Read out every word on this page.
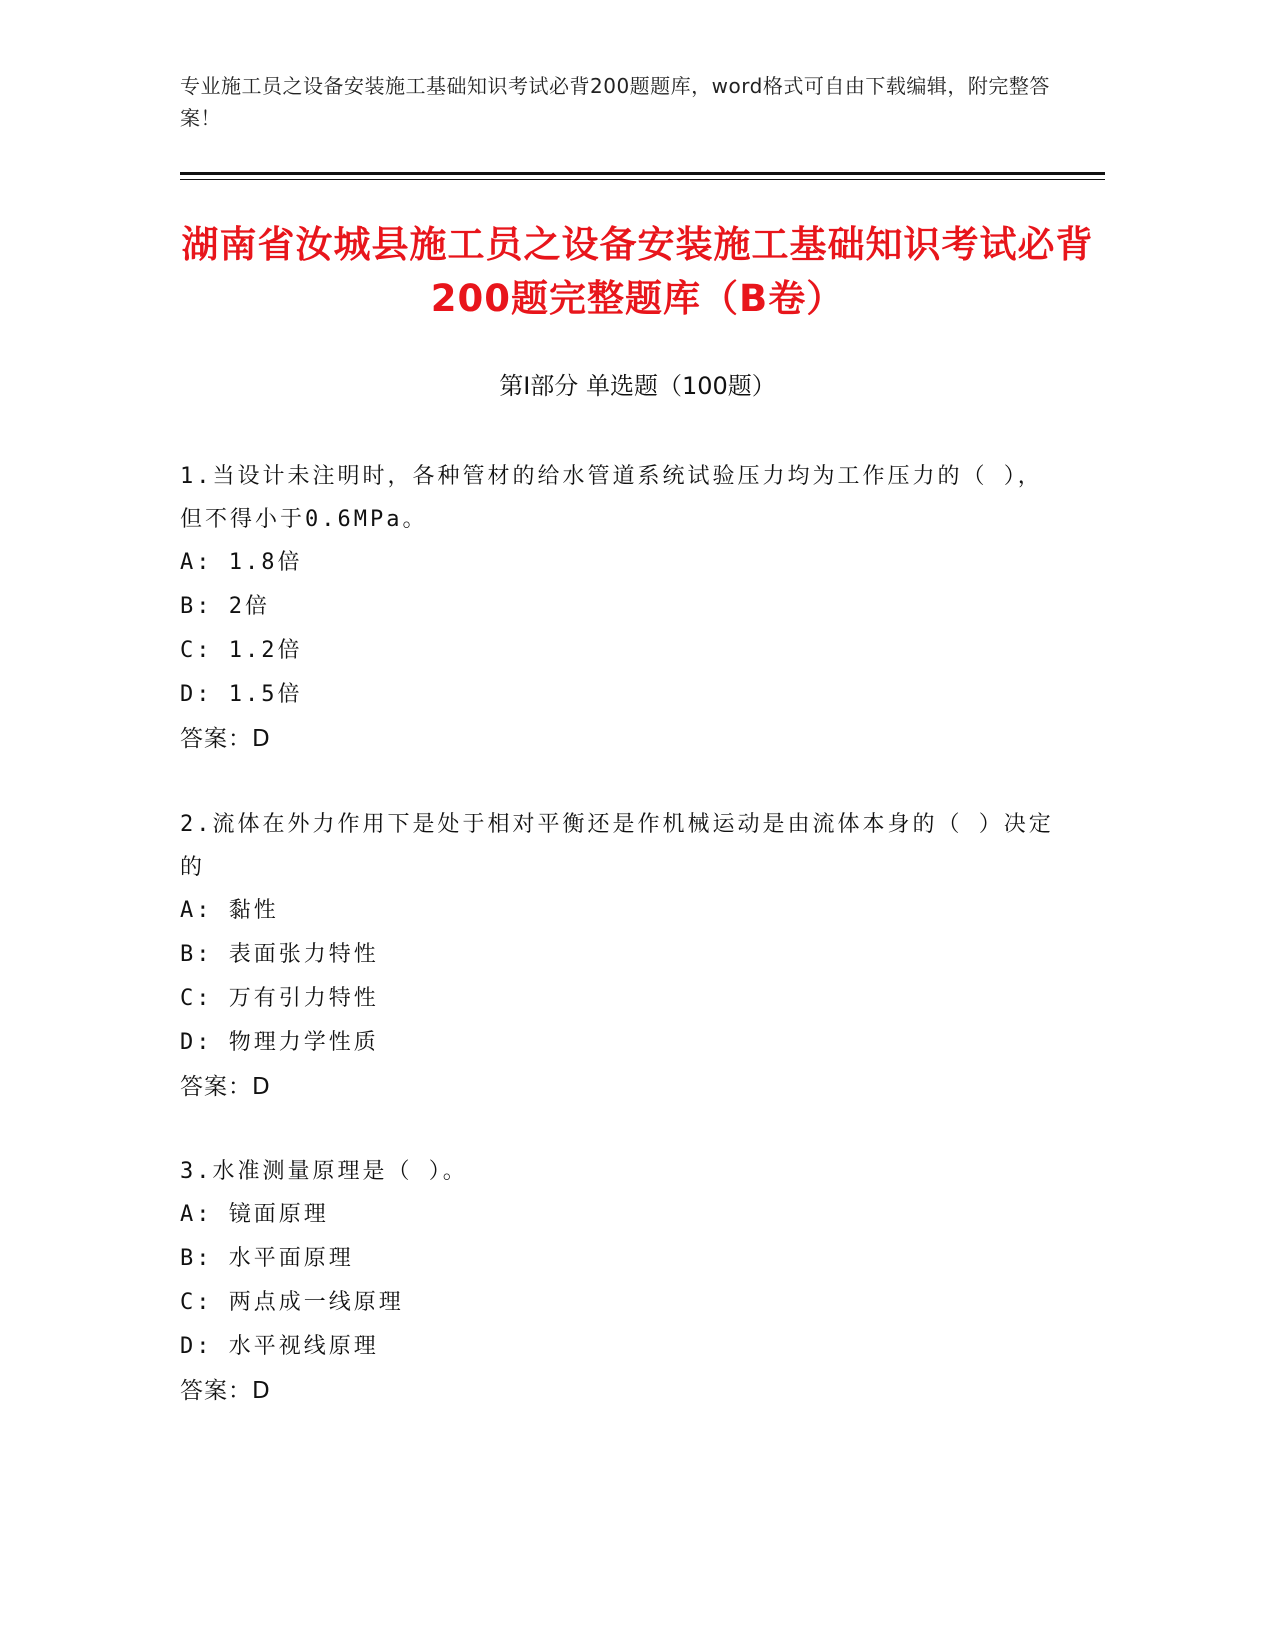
专业施工员之设备安装施工基础知识考试必背200题题库，word格式可自由下载编辑，附完整答案！
湖南省汝城县施工员之设备安装施工基础知识考试必背200题完整题库（B卷）
第Ⅰ部分 单选题（100题）
1.当设计未注明时，各种管材的给水管道系统试验压力均为工作压力的（ ），但不得小于0.6MPa。
A: 1.8倍
B: 2倍
C: 1.2倍
D: 1.5倍
答案：D
2.流体在外力作用下是处于相对平衡还是作机械运动是由流体本身的（ ）决定的
A: 黏性
B: 表面张力特性
C: 万有引力特性
D: 物理力学性质
答案：D
3.水准测量原理是（ ）。
A: 镜面原理
B: 水平面原理
C: 两点成一线原理
D: 水平视线原理
答案：D
